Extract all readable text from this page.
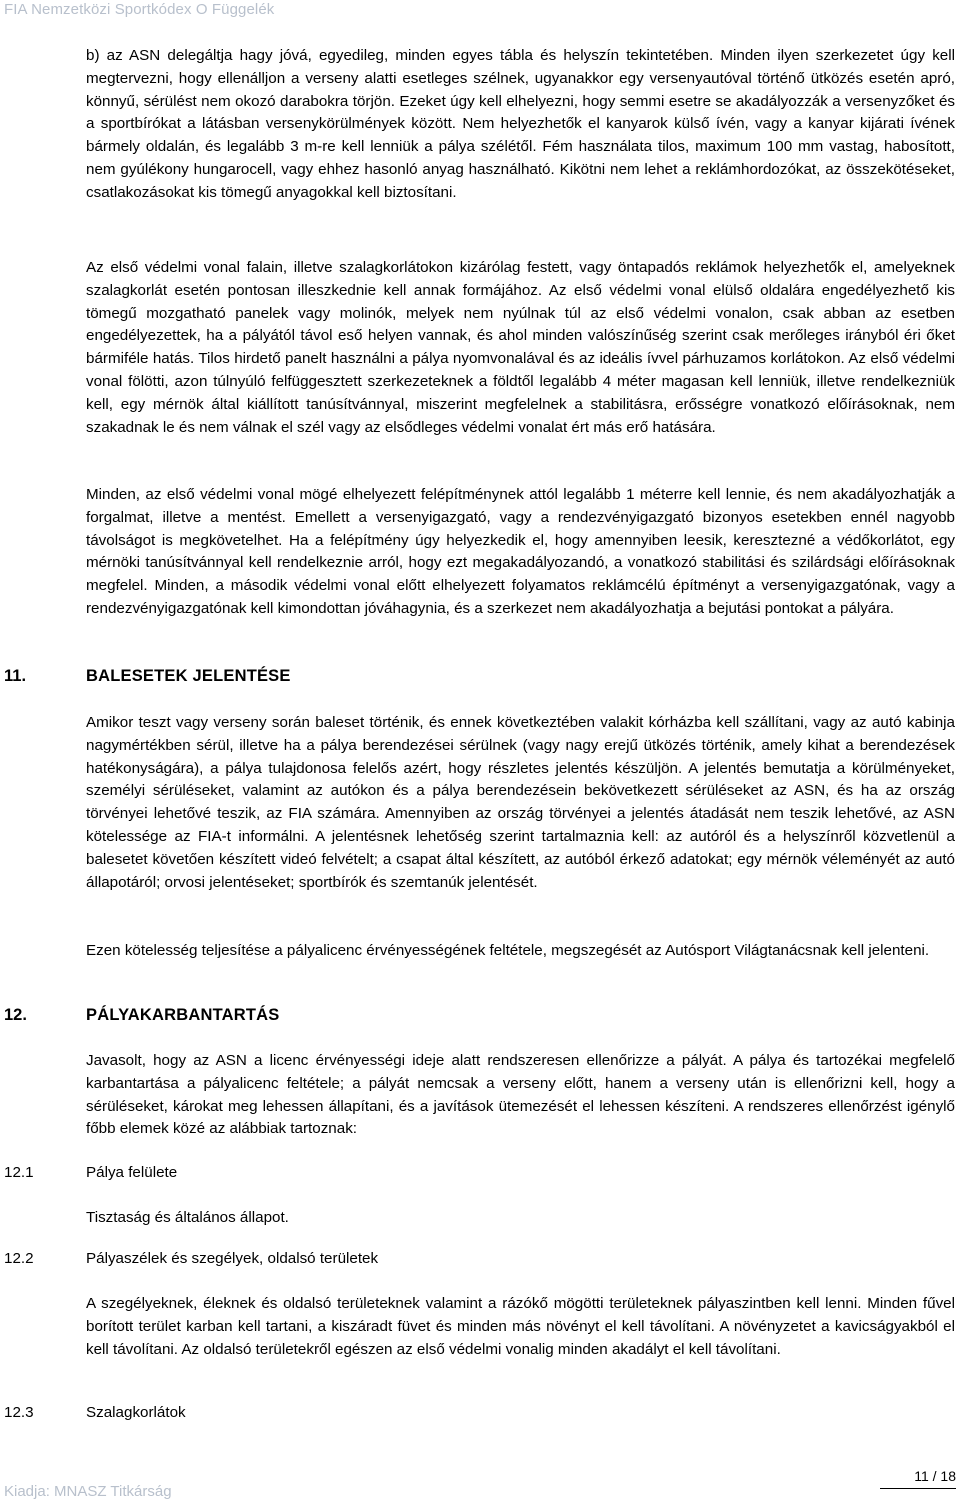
FIA Nemzetközi Sportkódex O Függelék

b) az ASN delegáltja hagy jóvá, egyedileg, minden egyes tábla és helyszín tekintetében. Minden ilyen szerkezetet úgy kell megtervezni, hogy ellenálljon a verseny alatti esetleges szélnek, ugyanakkor egy versenyautóval történő ütközés esetén apró, könnyű, sérülést nem okozó darabokra törjön. Ezeket úgy kell elhelyezni, hogy semmi esetre se akadályozzák a versenyzőket és a sportbírókat a látásban versenykörülmények között. Nem helyezhetők el kanyarok külső ívén, vagy a kanyar kijárati ívének bármely oldalán, és legalább 3 m-re kell lenniük a pálya szélétől. Fém használata tilos, maximum 100 mm vastag, habosított, nem gyúlékony hungarocell, vagy ehhez hasonló anyag használható. Kikötni nem lehet a reklámhordozókat, az összekötéseket, csatlakozásokat kis tömegű anyagokkal kell biztosítani.

Az első védelmi vonal falain, illetve szalagkorlátokon kizárólag festett, vagy öntapadós reklámok helyezhetők el, amelyeknek szalagkorlát esetén pontosan illeszkednie kell annak formájához. Az első védelmi vonal elülső oldalára engedélyezhető kis tömegű mozgatható panelek vagy molinók, melyek nem nyúlnak túl az első védelmi vonalon, csak abban az esetben engedélyezettek, ha a pályától távol eső helyen vannak, és ahol minden valószínűség szerint csak merőleges irányból éri őket bármiféle hatás. Tilos hirdető panelt használni a pálya nyomvonalával és az ideális ívvel párhuzamos korlátokon. Az első védelmi vonal fölötti, azon túlnyúló felfüggesztett szerkezeteknek a földtől legalább 4 méter magasan kell lenniük, illetve rendelkezniük kell, egy mérnök által kiállított tanúsítvánnyal, miszerint megfelelnek a stabilitásra, erősségre vonatkozó előírásoknak, nem szakadnak le és nem válnak el szél vagy az elsődleges védelmi vonalat ért más erő hatására.

Minden, az első védelmi vonal mögé elhelyezett felépítménynek attól legalább 1 méterre kell lennie, és nem akadályozhatják a forgalmat, illetve a mentést. Emellett a versenyigazgató, vagy a rendezvényigazgató bizonyos esetekben ennél nagyobb távolságot is megkövetelhet. Ha a felépítmény úgy helyezkedik el, hogy amennyiben leesik, keresztezné a védőkorlátot, egy mérnöki tanúsítvánnyal kell rendelkeznie arról, hogy ezt megakadályozandó, a vonatkozó stabilitási és szilárdsági előírásoknak megfelel. Minden, a második védelmi vonal előtt elhelyezett folyamatos reklámcélú építményt a versenyigazgatónak, vagy a rendezvényigazgatónak kell kimondottan jóváhagynia, és a szerkezet nem akadályozhatja a bejutási pontokat a pályára.

11.	BALESETEK JELENTÉSE

Amikor teszt vagy verseny során baleset történik, és ennek következtében valakit kórházba kell szállítani, vagy az autó kabinja nagymértékben sérül, illetve ha a pálya berendezései sérülnek (vagy nagy erejű ütközés történik, amely kihat a berendezések hatékonyságára), a pálya tulajdonosa felelős azért, hogy részletes jelentés készüljön. A jelentés bemutatja a körülményeket, személyi sérüléseket, valamint az autókon és a pálya berendezésein bekövetkezett sérüléseket az ASN, és ha az ország törvényei lehetővé teszik, az FIA számára. Amennyiben az ország törvényei a jelentés átadását nem teszik lehetővé, az ASN kötelessége az FIA-t informálni. A jelentésnek lehetőség szerint tartalmaznia kell: az autóról és a helyszínről közvetlenül a balesetet követően készített videó felvételt; a csapat által készített, az autóból érkező adatokat; egy mérnök véleményét az autó állapotáról; orvosi jelentéseket; sportbírók és szemtanúk jelentését.

Ezen kötelesség teljesítése a pályalicenc érvényességének feltétele, megszegését az Autósport Világtanácsnak kell jelenteni.

12.	PÁLYAKARBANTARTÁS

Javasolt, hogy az ASN a licenc érvényességi ideje alatt rendszeresen ellenőrizze a pályát. A pálya és tartozékai megfelelő karbantartása a pályalicenc feltétele; a pályát nemcsak a verseny előtt, hanem a verseny után is ellenőrizni kell, hogy a sérüléseket, károkat meg lehessen állapítani, és a javítások ütemezését el lehessen készíteni. A rendszeres ellenőrzést igénylő főbb elemek közé az alábbiak tartoznak:

12.1	Pálya felülete

Tisztaság és általános állapot.

12.2	Pályaszélek és szegélyek, oldalsó területek

A szegélyeknek, éleknek és oldalsó területeknek valamint a rázókő mögötti területeknek pályaszintben kell lenni. Minden fűvel borított terület karban kell tartani, a kiszáradt füvet és minden más növényt el kell távolítani. A növényzetet a kavicságyakból el kell távolítani. Az oldalsó területekről egészen az első védelmi vonalig minden akadályt el kell távolítani.

12.3	Szalagkorlátok
11 / 18
Kiadja: MNASZ Titkárság
